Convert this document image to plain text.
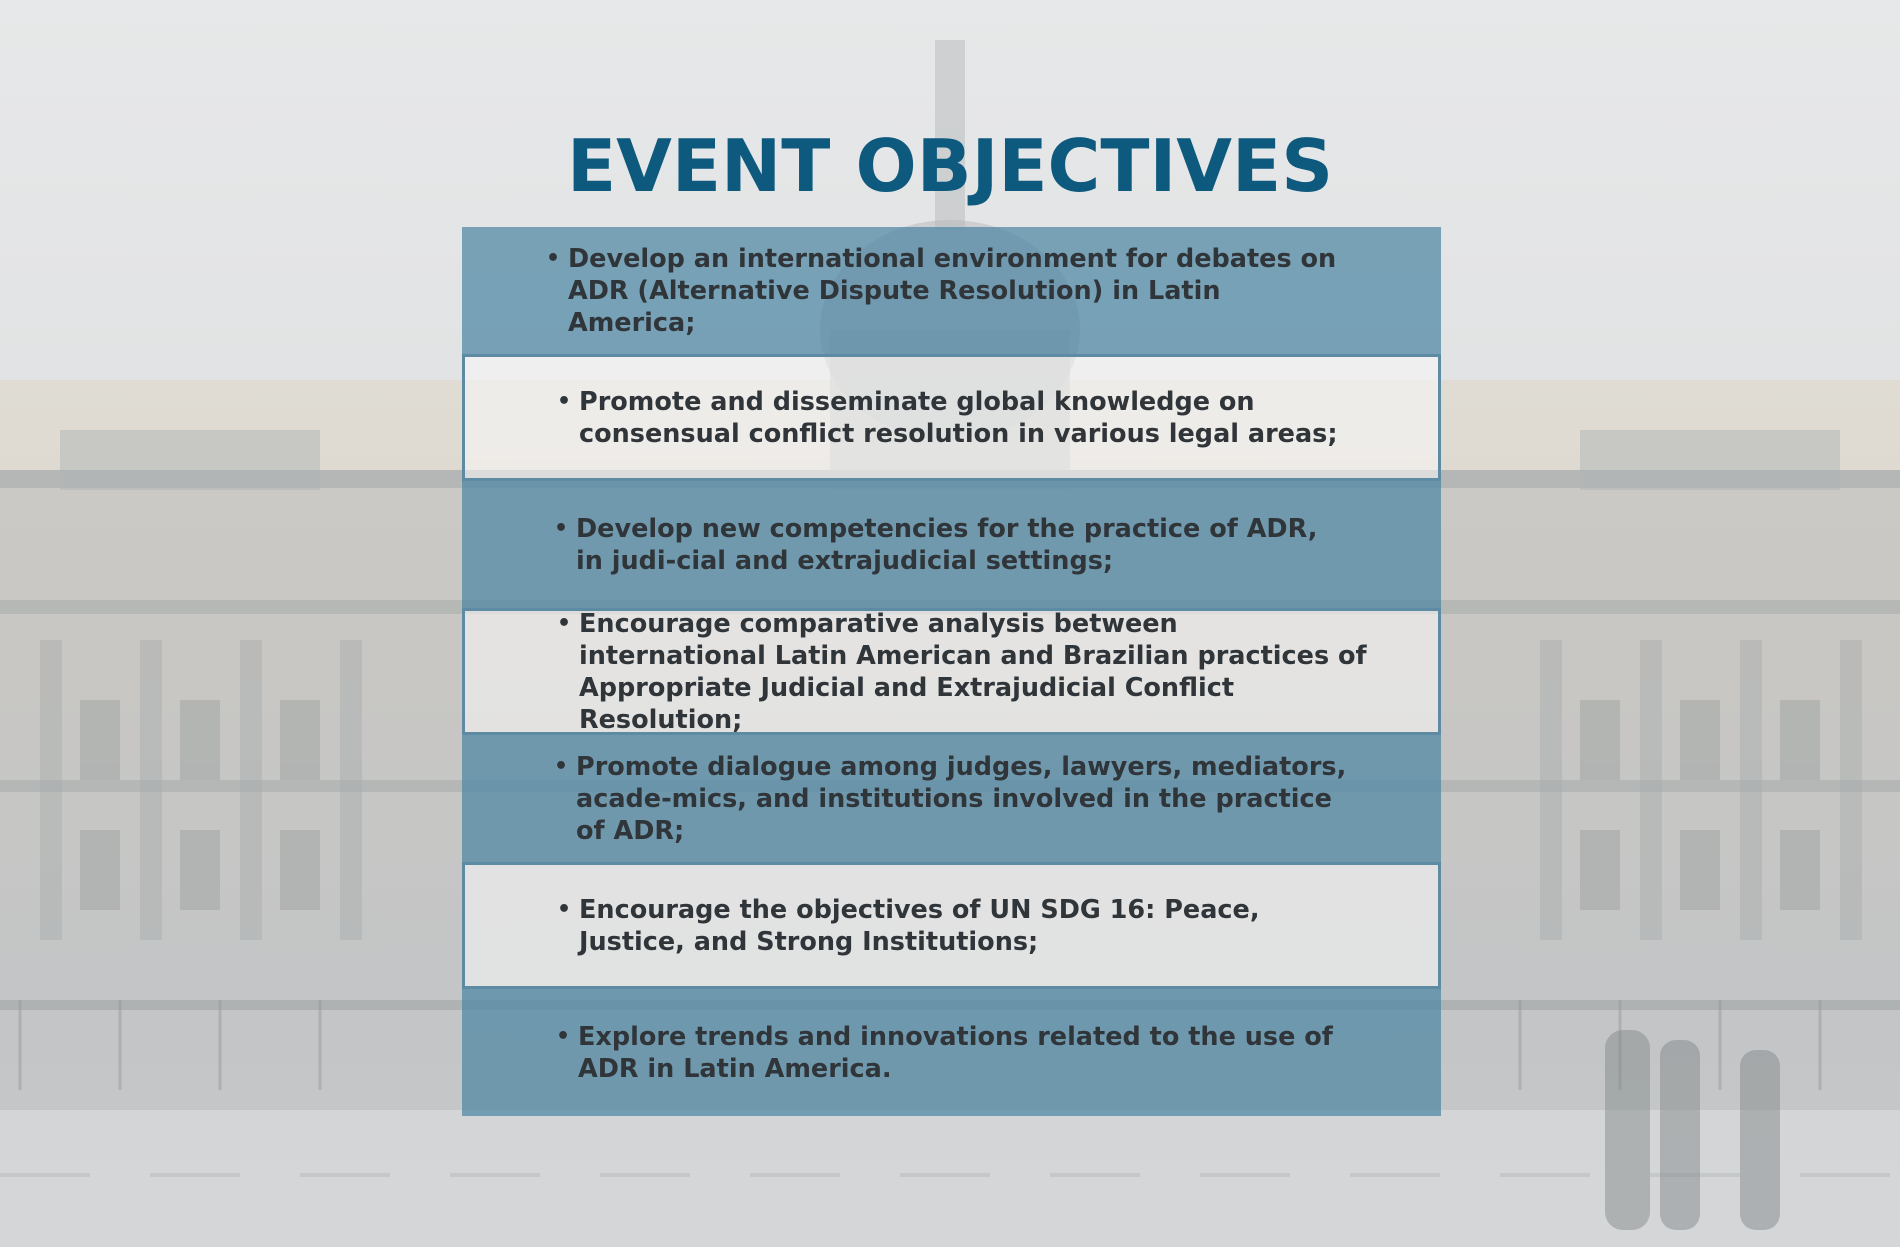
EVENT OBJECTIVES
• Develop an international environment for debates on ADR (Alternative Dispute Resolution) in Latin America;
• Promote and disseminate global knowledge on consensual conflict resolution in various legal areas;
• Develop new competencies for the practice of ADR, in judi-cial and extrajudicial settings;
• Encourage comparative analysis between international Latin American and Brazilian practices of Appropriate Judicial and Extrajudicial Conflict Resolution;
• Promote dialogue among judges, lawyers, mediators, acade-mics, and institutions involved in the practice of ADR;
• Encourage the objectives of UN SDG 16: Peace, Justice, and Strong Institutions;
• Explore trends and innovations related to the use of ADR in Latin America.
